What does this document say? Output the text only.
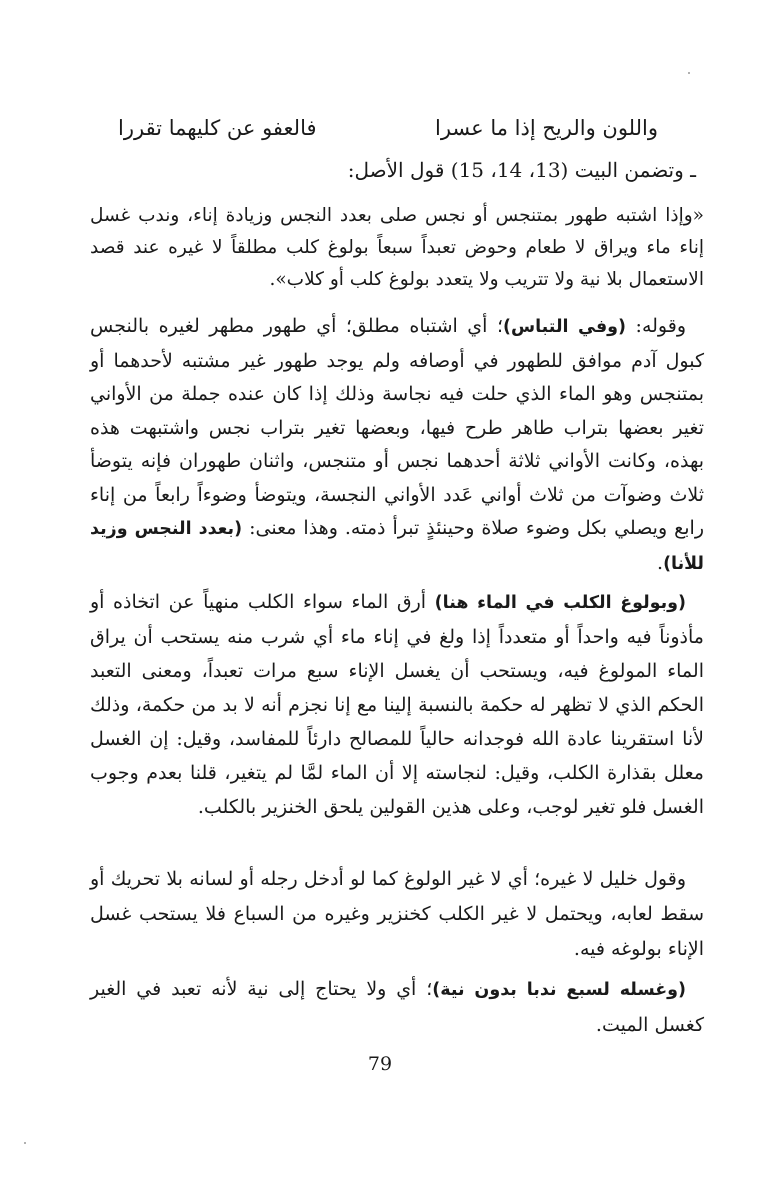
واللون والريح إذا ما عسرا
فالعفو عن كليهما تقررا
ـ وتضمن البيت (13، 14، 15) قول الأصل:
«وإذا اشتبه طهور بمتنجس أو نجس صلى بعدد النجس وزيادة إناء، وندب غسل إناء ماء ويراق لا طعام وحوض تعبداً سبعاً بولوغ كلب مطلقاً لا غيره عند قصد الاستعمال بلا نية ولا تتريب ولا يتعدد بولوغ كلب أو كلاب».
وقوله: (وفي التباس)؛ أي اشتباه مطلق؛ أي طهور مطهر لغيره بالنجس كبول آدم موافق للطهور في أوصافه ولم يوجد طهور غير مشتبه لأحدهما أو بمتنجس وهو الماء الذي حلت فيه نجاسة وذلك إذا كان عنده جملة من الأواني تغير بعضها بتراب طاهر طرح فيها، وبعضها تغير بتراب نجس واشتبهت هذه بهذه، وكانت الأواني ثلاثة أحدهما نجس أو متنجس، واثنان طهوران فإنه يتوضأ ثلاث وضوآت من ثلاث أواني عَدد الأواني النجسة، ويتوضأ وضوءاً رابعاً من إناء رابع ويصلي بكل وضوء صلاة وحينئذٍ تبرأ ذمته. وهذا معنى: (بعدد النجس وزيد للأنا).
(وبولوغ الكلب في الماء هنا) أرق الماء سواء الكلب منهياً عن اتخاذه أو مأذوناً فيه واحداً أو متعدداً إذا ولغ في إناء ماء أي شرب منه يستحب أن يراق الماء المولوغ فيه، ويستحب أن يغسل الإناء سبع مرات تعبداً، ومعنى التعبد الحكم الذي لا تظهر له حكمة بالنسبة إلينا مع إنا نجزم أنه لا بد من حكمة، وذلك لأنا استقرينا عادة الله فوجدانه حالياً للمصالح دارئاً للمفاسد، وقيل: إن الغسل معلل بقذارة الكلب، وقيل: لنجاسته إلا أن الماء لمَّا لم يتغير، قلنا بعدم وجوب الغسل فلو تغير لوجب، وعلى هذين القولين يلحق الخنزير بالكلب.
وقول خليل لا غيره؛ أي لا غير الولوغ كما لو أدخل رجله أو لسانه بلا تحريك أو سقط لعابه، ويحتمل لا غير الكلب كخنزير وغيره من السباع فلا يستحب غسل الإناء بولوغه فيه.
(وغسله لسبع ندبا بدون نية)؛ أي ولا يحتاج إلى نية لأنه تعبد في الغير كغسل الميت.
79
